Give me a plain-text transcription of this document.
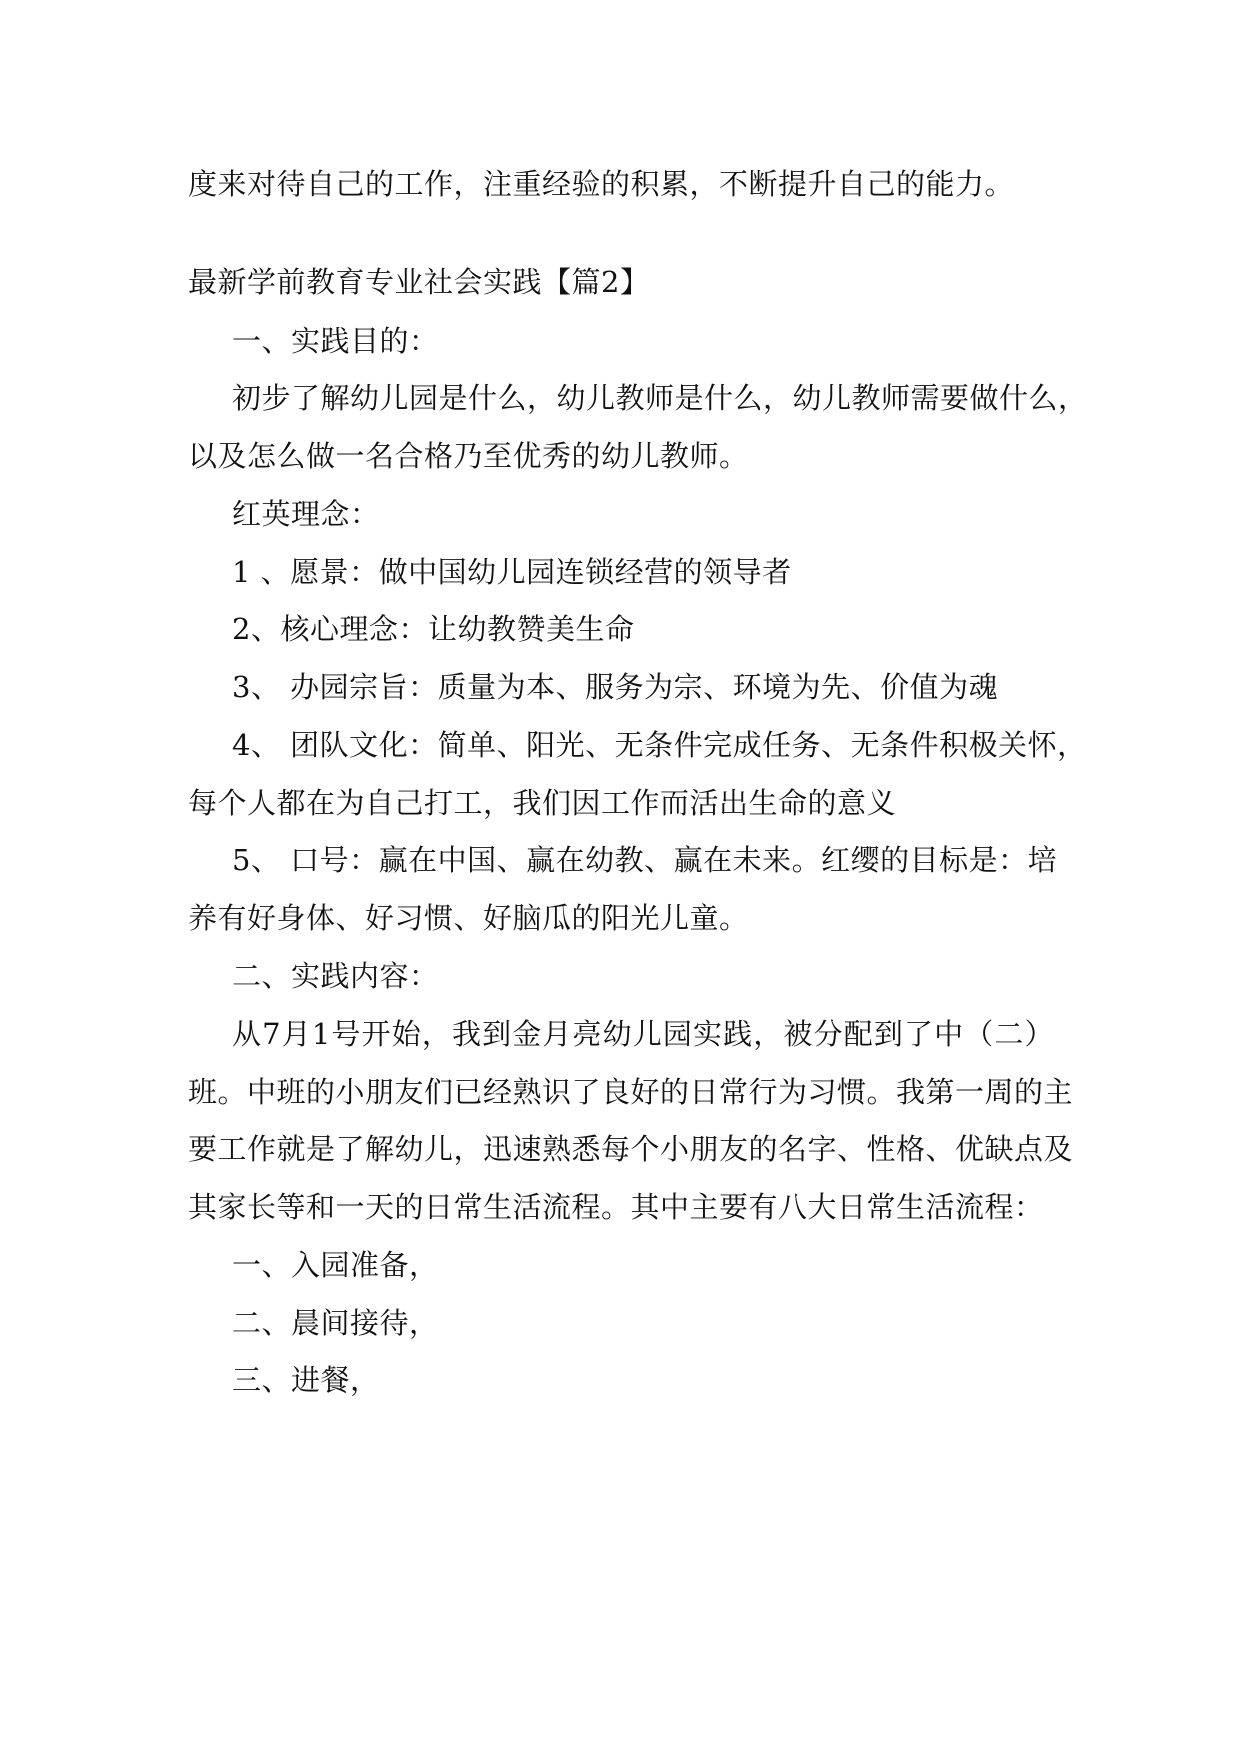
度来对待自己的工作，注重经验的积累，不断提升自己的能力。
最新学前教育专业社会实践【篇2】
一、实践目的：
初步了解幼儿园是什么，幼儿教师是什么，幼儿教师需要做什么，
以及怎么做一名合格乃至优秀的幼儿教师。
红英理念：
1 、愿景：做中国幼儿园连锁经营的领导者
2、核心理念：让幼教赞美生命
3、 办园宗旨：质量为本、服务为宗、环境为先、价值为魂
4、 团队文化：简单、阳光、无条件完成任务、无条件积极关怀，
每个人都在为自己打工，我们因工作而活出生命的意义
5、 口号：赢在中国、赢在幼教、赢在未来。红缨的目标是：培
养有好身体、好习惯、好脑瓜的阳光儿童。
二、实践内容：
从7月1号开始，我到金月亮幼儿园实践，被分配到了中（二）
班。中班的小朋友们已经熟识了良好的日常行为习惯。我第一周的主
要工作就是了解幼儿，迅速熟悉每个小朋友的名字、性格、优缺点及
其家长等和一天的日常生活流程。其中主要有八大日常生活流程：
一、入园准备，
二、晨间接待，
三、进餐，
